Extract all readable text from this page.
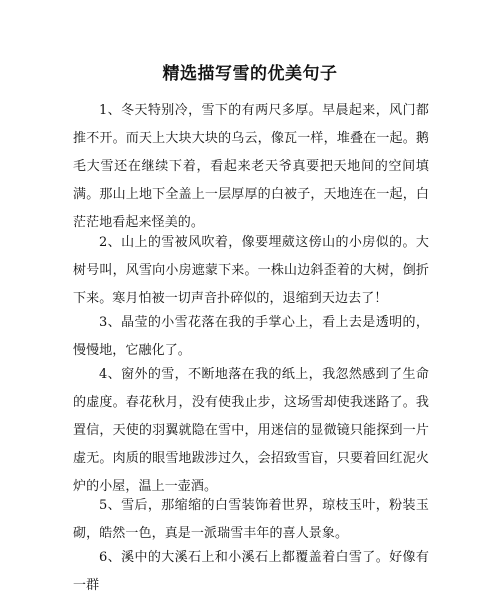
精选描写雪的优美句子

1、冬天特别冷，雪下的有两尺多厚。早晨起来，风门都推不开。而天上大块大块的乌云，像瓦一样，堆叠在一起。鹅毛大雪还在继续下着，看起来老天爷真要把天地间的空间填满。那山上地下全盖上一层厚厚的白被子，天地连在一起，白茫茫地看起来怪美的。

2、山上的雪被风吹着，像要埋葳这傍山的小房似的。大树号叫，风雪向小房遮蒙下来。一株山边斜歪着的大树，倒折下来。寒月怕被一切声音扑碎似的，退缩到天边去了！

3、晶莹的小雪花落在我的手掌心上，看上去是透明的，慢慢地，它融化了。

4、窗外的雪，不断地落在我的纸上，我忽然感到了生命的虚度。春花秋月，没有使我止步，这场雪却使我迷路了。我置信，天使的羽翼就隐在雪中，用迷信的显微镜只能探到一片虚无。肉质的眼雪地跋涉过久，会招致雪盲，只要着回红泥火炉的小屋，温上一壶酒。

5、雪后，那缩缩的白雪装饰着世界，琼枝玉叶，粉装玉砌，皓然一色，真是一派瑞雪丰年的喜人景象。

6、溪中的大溪石上和小溪石上都覆盖着白雪了。好像有一群
